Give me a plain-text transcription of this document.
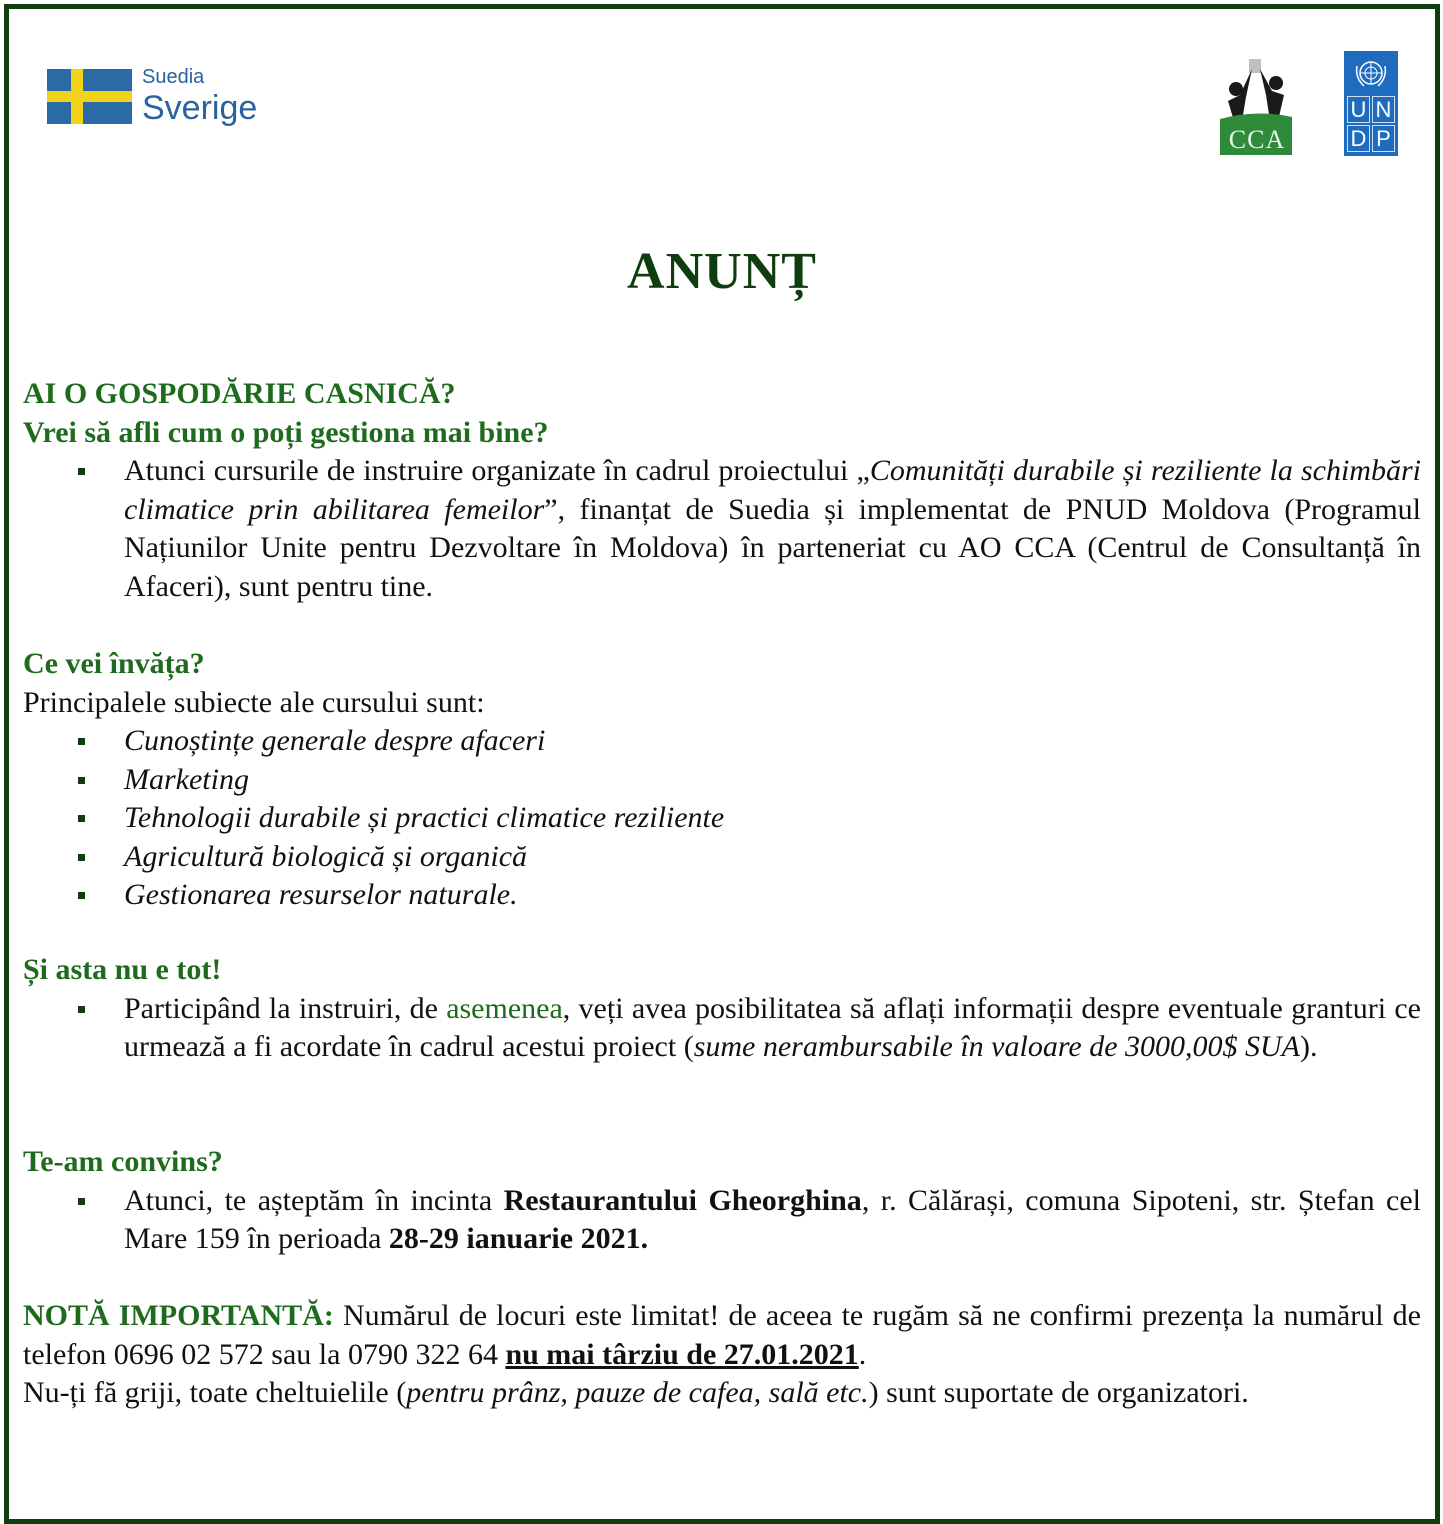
Suedia
Sverige
CCA
U N
D P
ANUNȚ
AI O GOSPODĂRIE CASNICĂ?
Vrei să afli cum o poți gestiona mai bine?
Atunci cursurile de instruire organizate în cadrul proiectului „Comunități durabile și reziliente la schimbări climatice prin abilitarea femeilor”, finanțat de Suedia și implementat de PNUD Moldova (Programul Națiunilor Unite pentru Dezvoltare în Moldova) în parteneriat cu AO CCA (Centrul de Consultanță în Afaceri), sunt pentru tine.
Ce vei învăța?
Principalele subiecte ale cursului sunt:
Cunoștințe generale despre afaceri
Marketing
Tehnologii durabile și practici climatice reziliente
Agricultură biologică și organică
Gestionarea resurselor naturale.
Și asta nu e tot!
Participând la instruiri, de asemenea, veți avea posibilitatea să aflați informații despre eventuale granturi ce urmează a fi acordate în cadrul acestui proiect (sume nerambursabile în valoare de 3000,00$ SUA).
Te-am convins?
Atunci, te așteptăm în incinta Restaurantului Gheorghina, r. Călărași, comuna Sipoteni, str. Ștefan cel Mare 159 în perioada 28-29 ianuarie 2021.
NOTĂ IMPORTANTĂ: Numărul de locuri este limitat! de aceea te rugăm să ne confirmi prezența la numărul de telefon 0696 02 572 sau la 0790 322 64 nu mai târziu de 27.01.2021.
Nu-ți fă griji, toate cheltuielile (pentru prânz, pauze de cafea, sală etc.) sunt suportate de organizatori.
